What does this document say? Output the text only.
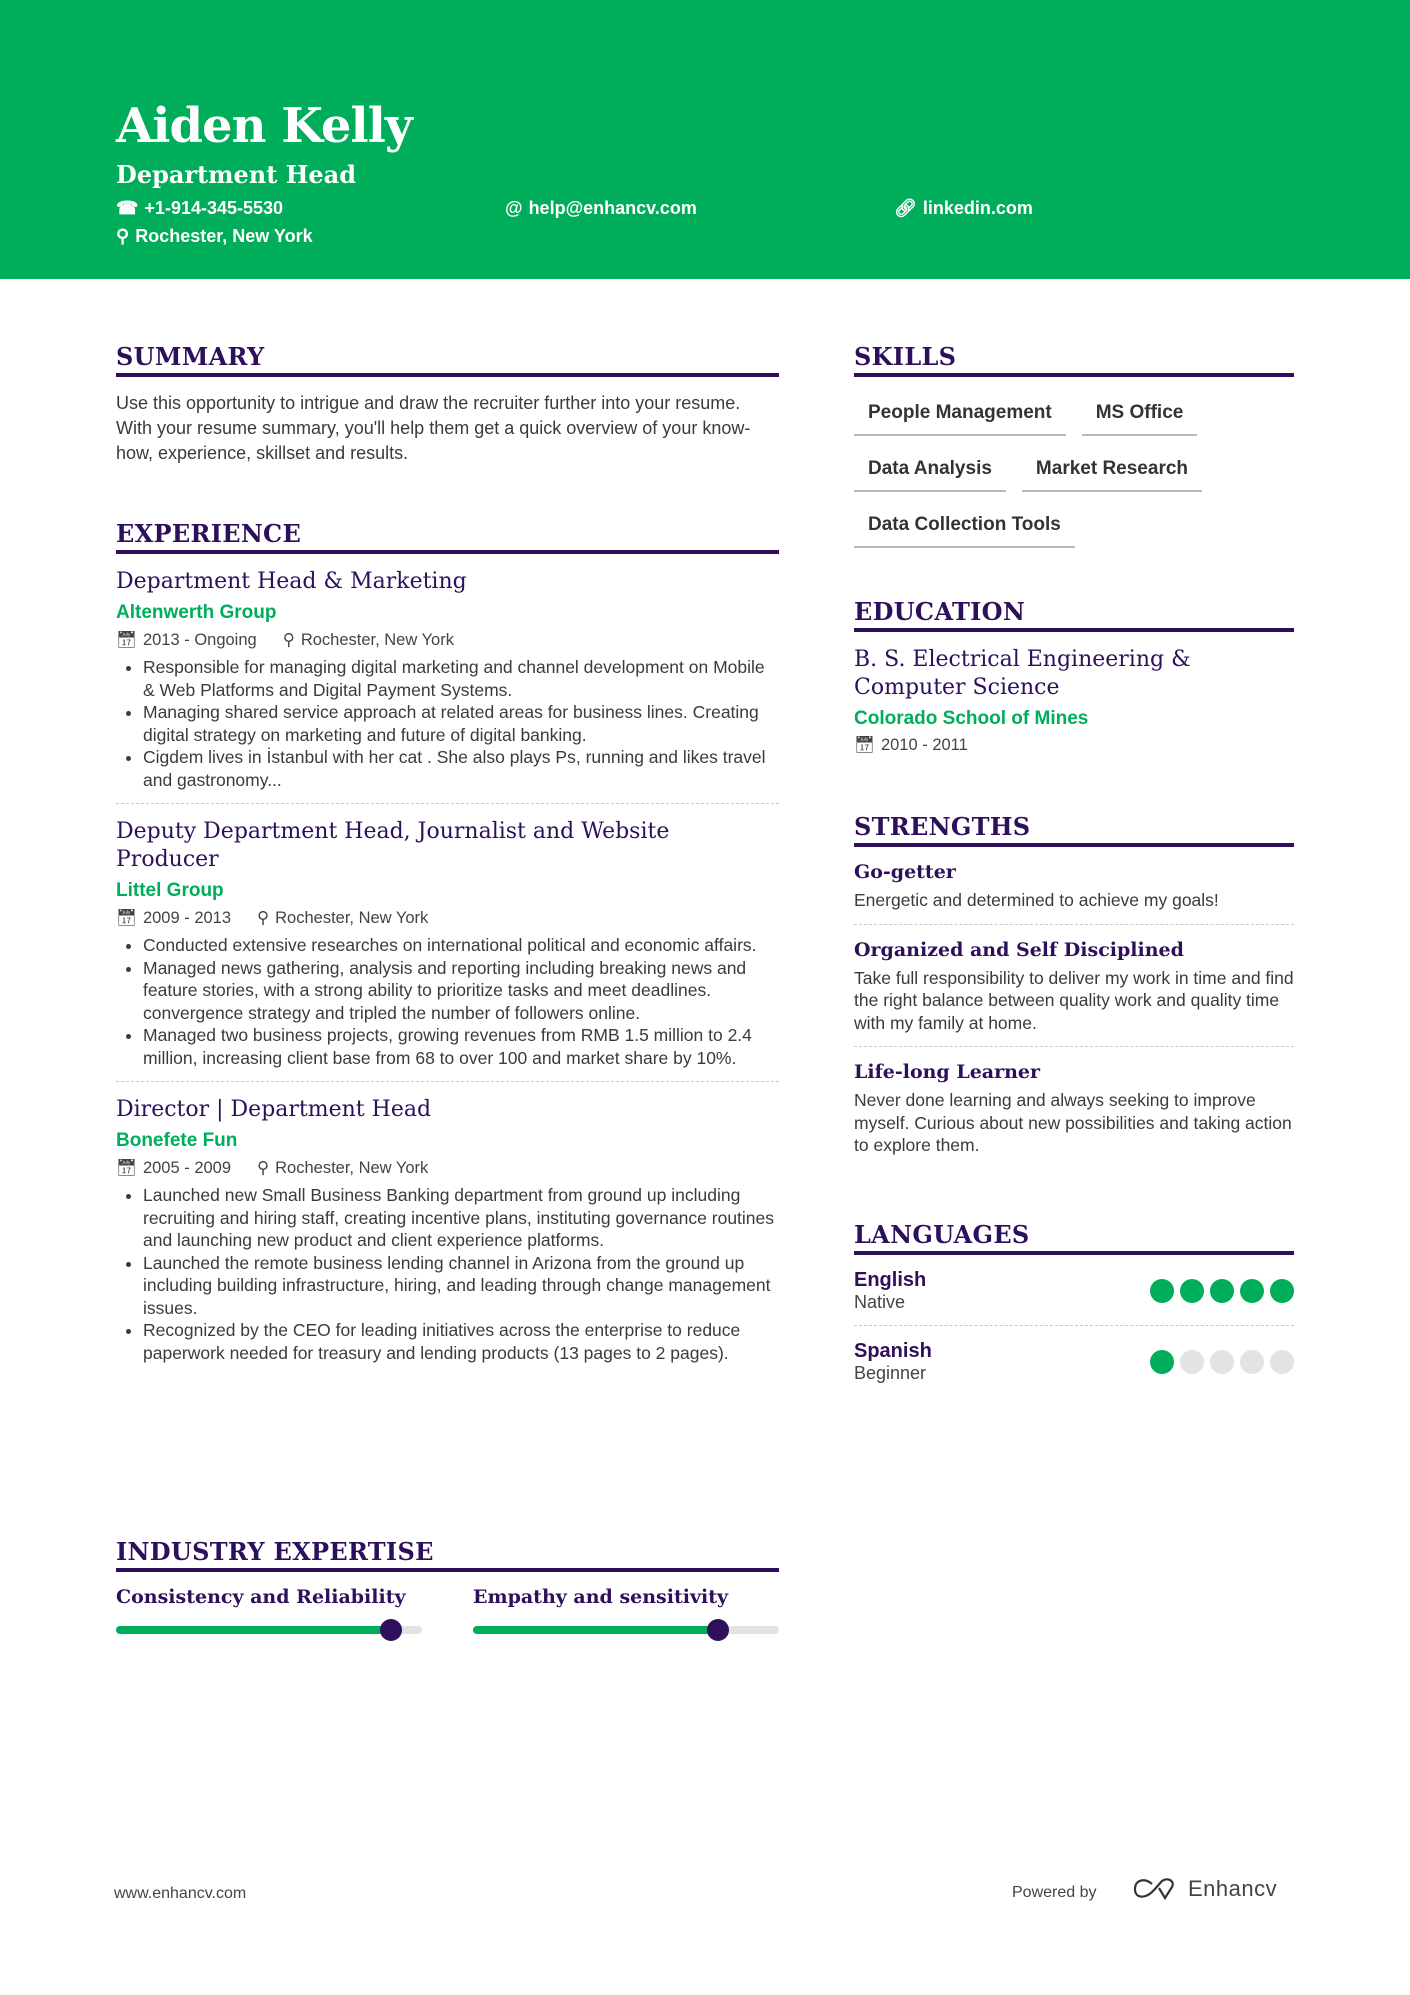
Aiden Kelly
Department Head
☎ +1-914-345-5530	@ help@enhancv.com	🔗︎ linkedin.com
⚲ Rochester, New York
SUMMARY
Use this opportunity to intrigue and draw the recruiter further into your resume. With your resume summary, you'll help them get a quick overview of your know-how, experience, skillset and results.
EXPERIENCE
Department Head & Marketing
Altenwerth Group
📅︎ 2013 - Ongoing ⚲ Rochester, New York
• Responsible for managing digital marketing and channel development on Mobile & Web Platforms and Digital Payment Systems.
• Managing shared service approach at related areas for business lines. Creating digital strategy on marketing and future of digital banking.
• Cigdem lives in İstanbul with her cat . She also plays Ps, running and likes travel and gastronomy...
Deputy Department Head, Journalist and Website Producer
Littel Group
📅︎ 2009 - 2013 ⚲ Rochester, New York
• Conducted extensive researches on international political and economic affairs.
• Managed news gathering, analysis and reporting including breaking news and feature stories, with a strong ability to prioritize tasks and meet deadlines.
convergence strategy and tripled the number of followers online.
• Managed two business projects, growing revenues from RMB 1.5 million to 2.4 million, increasing client base from 68 to over 100 and market share by 10%.
Director | Department Head
Bonefete Fun
📅︎ 2005 - 2009 ⚲ Rochester, New York
• Launched new Small Business Banking department from ground up including recruiting and hiring staff, creating incentive plans, instituting governance routines and launching new product and client experience platforms.
• Launched the remote business lending channel in Arizona from the ground up including building infrastructure, hiring, and leading through change management issues.
• Recognized by the CEO for leading initiatives across the enterprise to reduce paperwork needed for treasury and lending products (13 pages to 2 pages).
INDUSTRY EXPERTISE
Consistency and Reliability	Empathy and sensitivity
SKILLS
People Management	MS Office
Data Analysis	Market Research
Data Collection Tools
EDUCATION
B. S. Electrical Engineering & Computer Science
Colorado School of Mines
📅︎ 2010 - 2011
STRENGTHS
Go-getter
Energetic and determined to achieve my goals!
Organized and Self Disciplined
Take full responsibility to deliver my work in time and find the right balance between quality work and quality time with my family at home.
Life-long Learner
Never done learning and always seeking to improve myself. Curious about new possibilities and taking action to explore them.
LANGUAGES
English
Native
Spanish
Beginner
www.enhancv.com	Powered by	Enhancv
